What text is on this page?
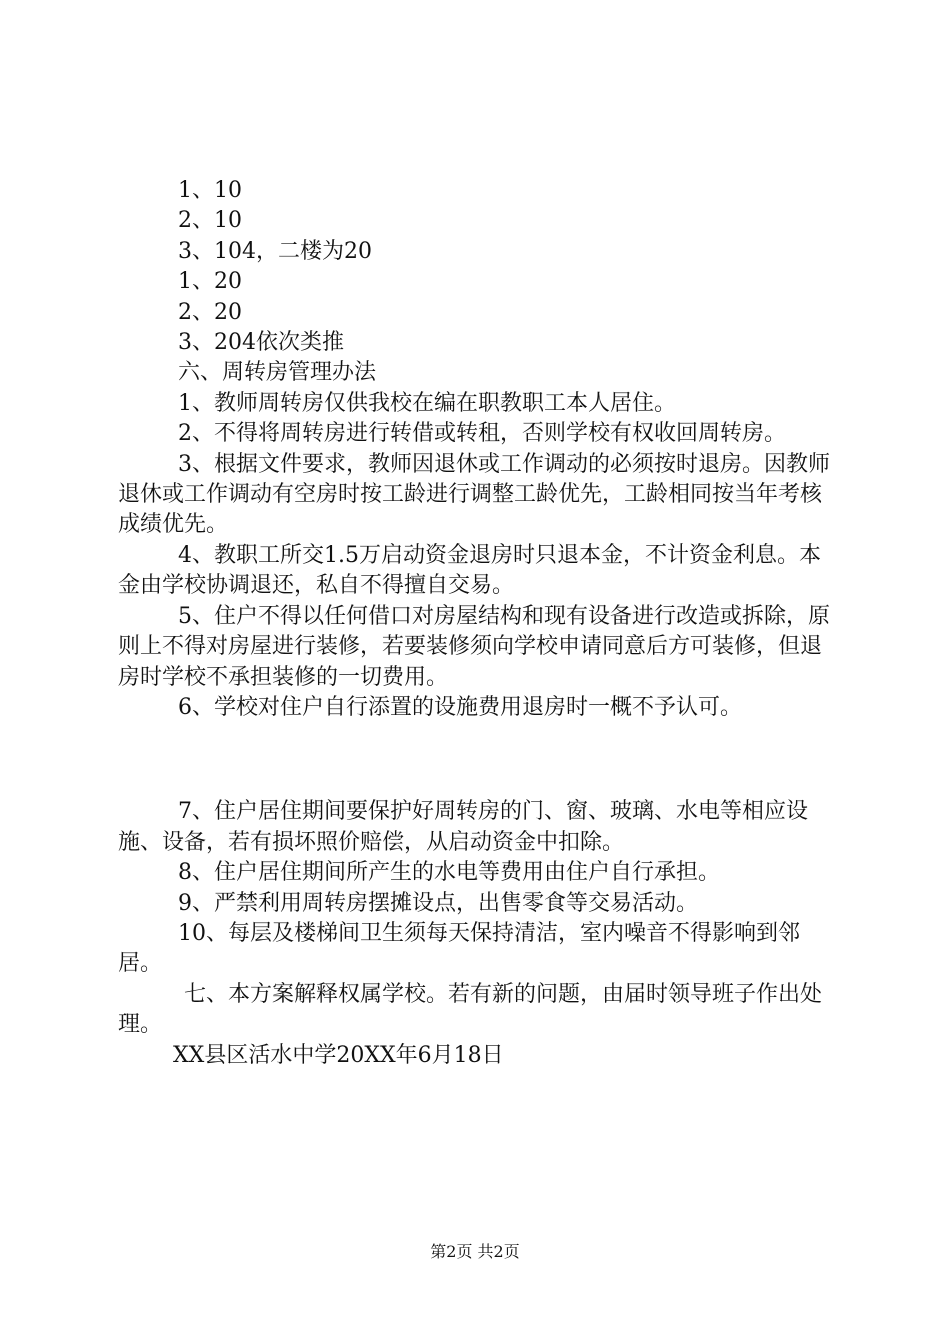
1、10

2、10

3、104，二楼为20

1、20

2、20

3、204依次类推

六、周转房管理办法

1、教师周转房仅供我校在编在职教职工本人居住。

2、不得将周转房进行转借或转租，否则学校有权收回周转房。

3、根据文件要求，教师因退休或工作调动的必须按时退房。因教师退休或工作调动有空房时按工龄进行调整工龄优先，工龄相同按当年考核成绩优先。

4、教职工所交1.5万启动资金退房时只退本金，不计资金利息。本金由学校协调退还，私自不得擅自交易。

5、住户不得以任何借口对房屋结构和现有设备进行改造或拆除，原则上不得对房屋进行装修，若要装修须向学校申请同意后方可装修，但退房时学校不承担装修的一切费用。

6、学校对住户自行添置的设施费用退房时一概不予认可。

7、住户居住期间要保护好周转房的门、窗、玻璃、水电等相应设施、设备，若有损坏照价赔偿，从启动资金中扣除。

8、住户居住期间所产生的水电等费用由住户自行承担。

9、严禁利用周转房摆摊设点，出售零食等交易活动。

10、每层及楼梯间卫生须每天保持清洁，室内噪音不得影响到邻居。

七、本方案解释权属学校。若有新的问题，由届时领导班子作出处理。

XX县区活水中学20XX年6月18日

第2页 共2页
